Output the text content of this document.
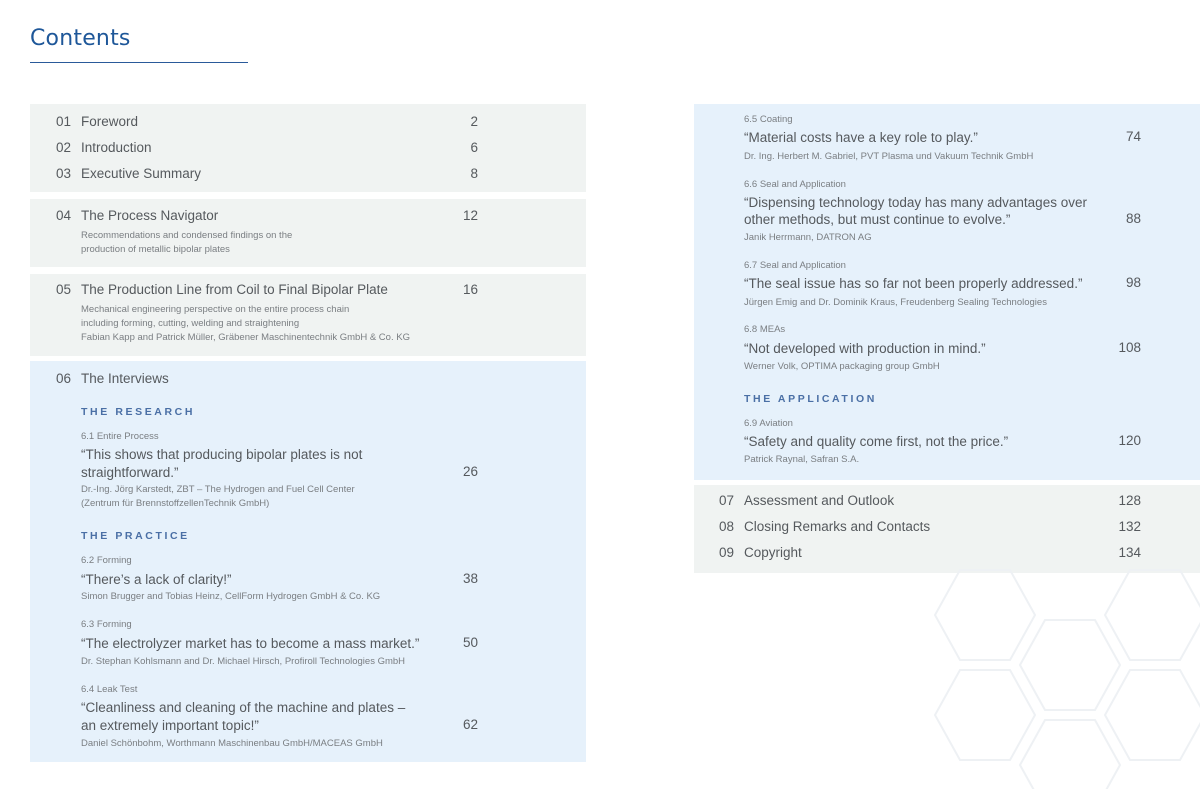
Contents
01 Foreword	2
02 Introduction	6
03 Executive Summary	8
04 The Process Navigator	12
Recommendations and condensed findings on the
production of metallic bipolar plates
05 The Production Line from Coil to Final Bipolar Plate	16
Mechanical engineering perspective on the entire process chain
including forming, cutting, welding and straightening
Fabian Kapp and Patrick Müller, Gräbener Maschinentechnik GmbH & Co. KG
06 The Interviews
THE RESEARCH
6.1 Entire Process
“This shows that producing bipolar plates is not
straightforward.”	26
Dr.-Ing. Jörg Karstedt, ZBT – The Hydrogen and Fuel Cell Center
(Zentrum für BrennstoffzellenTechnik GmbH)
THE PRACTICE
6.2 Forming
“There’s a lack of clarity!”	38
Simon Brugger and Tobias Heinz, CellForm Hydrogen GmbH & Co. KG
6.3 Forming
“The electrolyzer market has to become a mass market.”	50
Dr. Stephan Kohlsmann and Dr. Michael Hirsch, Profiroll Technologies GmbH
6.4 Leak Test
“Cleanliness and cleaning of the machine and plates –
an extremely important topic!”	62
Daniel Schönbohm, Worthmann Maschinenbau GmbH/MACEAS GmbH
6.5 Coating
“Material costs have a key role to play.”	74
Dr. Ing. Herbert M. Gabriel, PVT Plasma und Vakuum Technik GmbH
6.6 Seal and Application
“Dispensing technology today has many advantages over
other methods, but must continue to evolve.”	88
Janik Herrmann, DATRON AG
6.7 Seal and Application
“The seal issue has so far not been properly addressed.”	98
Jürgen Emig and Dr. Dominik Kraus, Freudenberg Sealing Technologies
6.8 MEAs
“Not developed with production in mind.”	108
Werner Volk, OPTIMA packaging group GmbH
THE APPLICATION
6.9 Aviation
“Safety and quality come first, not the price.”	120
Patrick Raynal, Safran S.A.
07 Assessment and Outlook	128
08 Closing Remarks and Contacts	132
09 Copyright	134
